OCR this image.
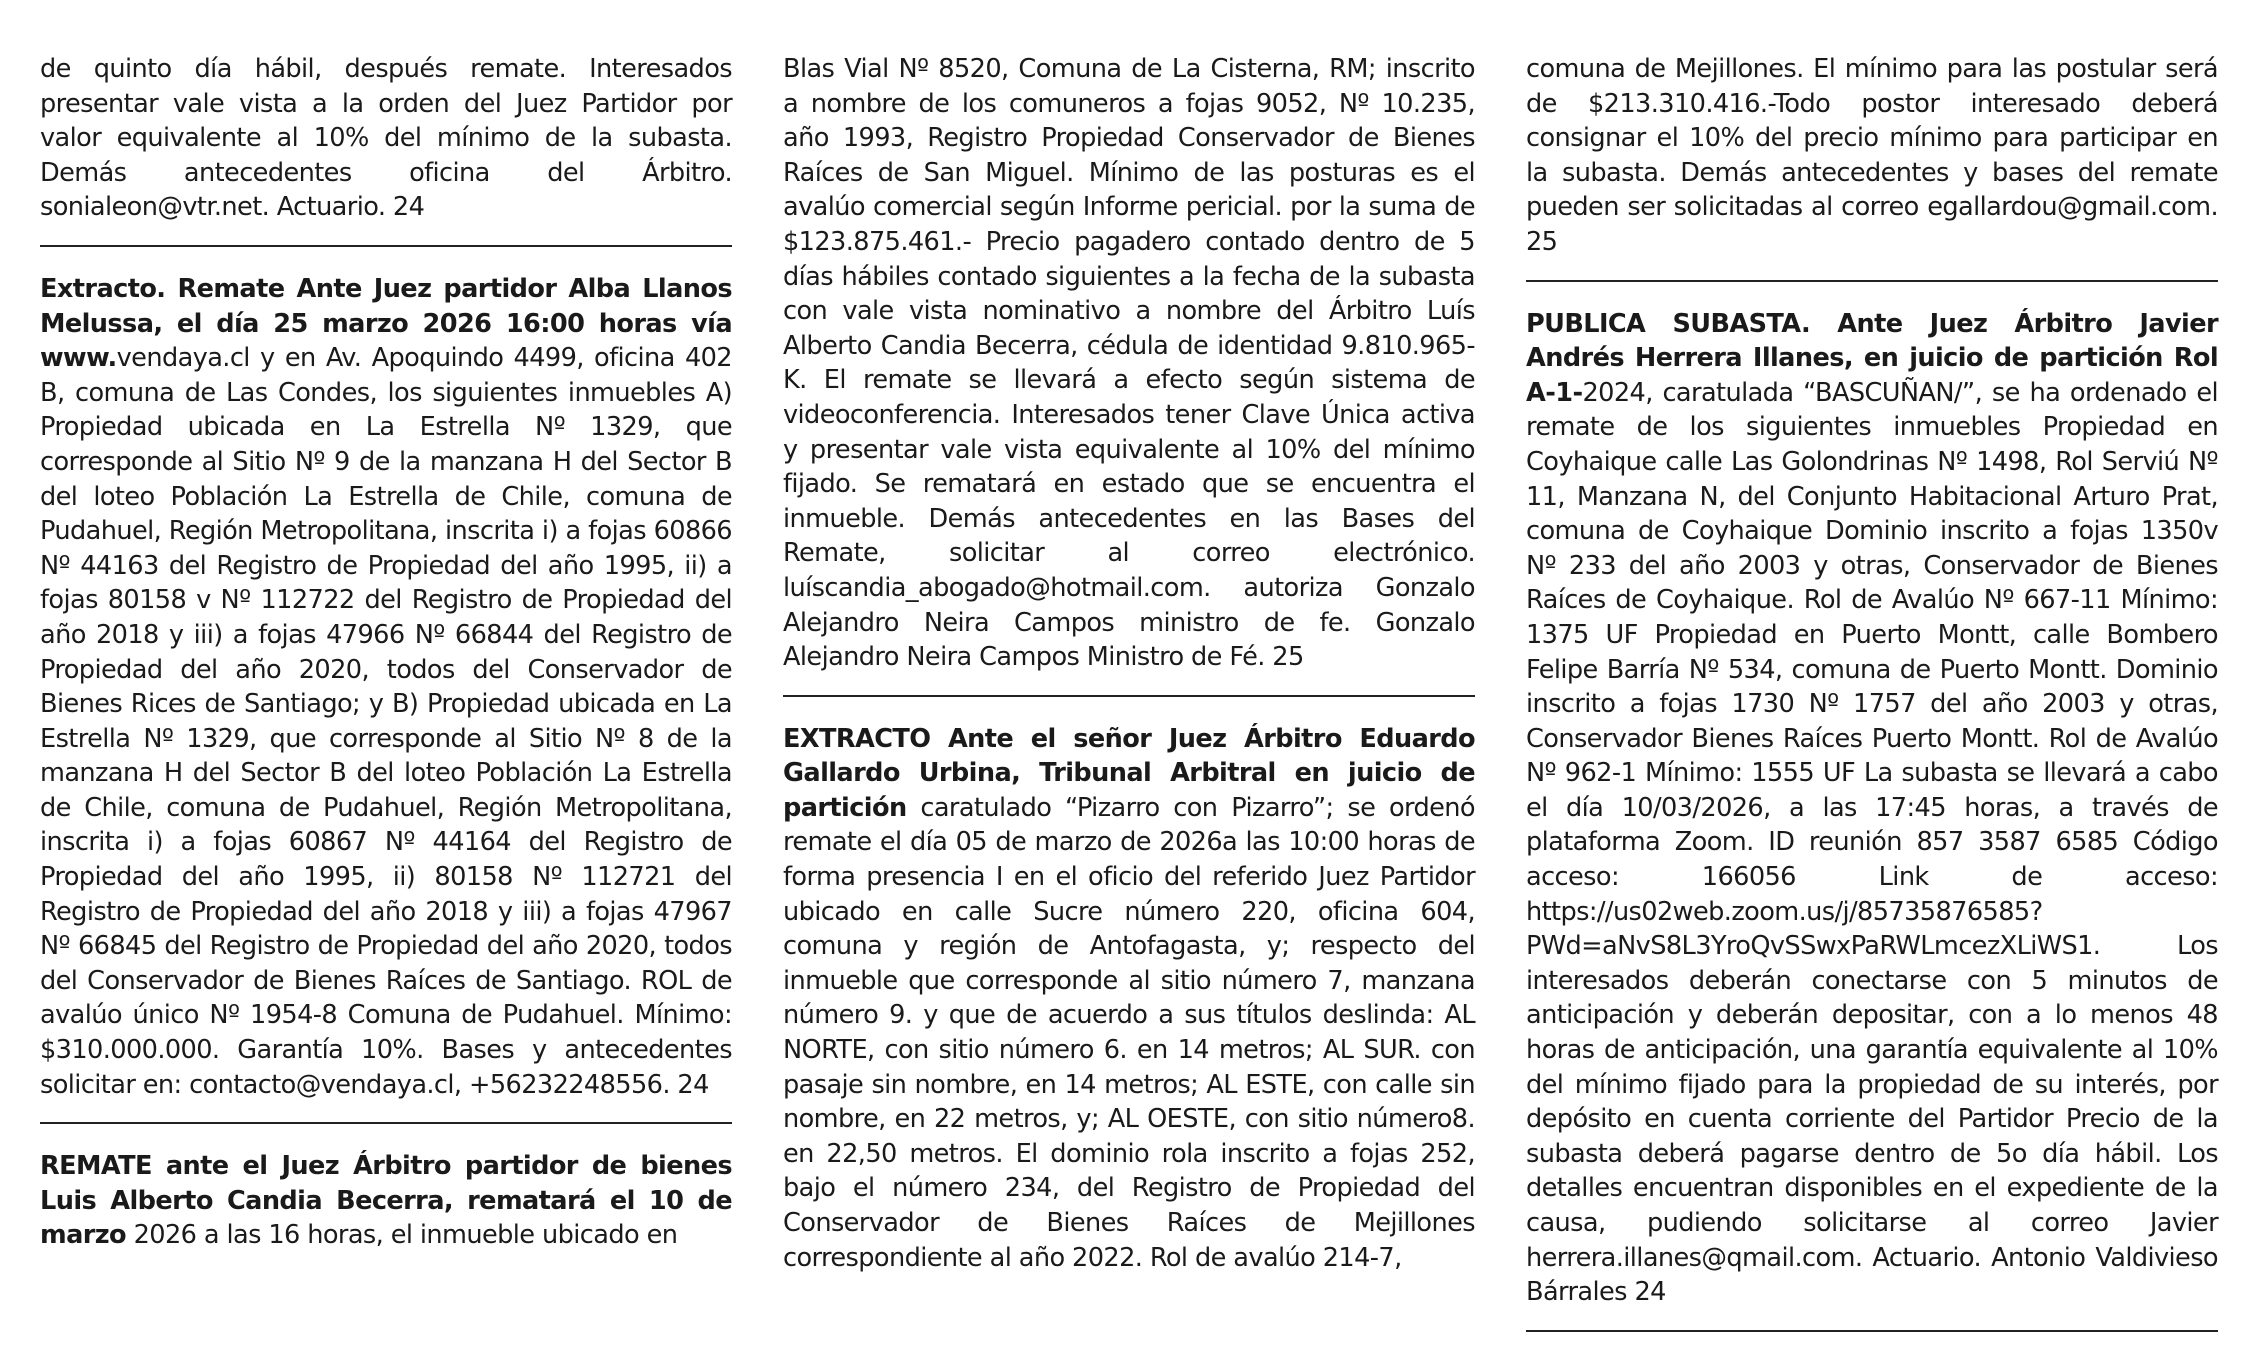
de quinto día hábil, después remate. Interesados presentar vale vista a la orden del Juez Partidor por valor equivalente al 10% del mínimo de la subasta. Demás antecedentes oficina del Árbitro. sonialeon@vtr.net. Actuario. 24

Extracto. Remate Ante Juez partidor Alba Llanos Melussa, el día 25 marzo 2026 16:00 horas vía www.vendaya.cl y en Av. Apoquindo 4499, oficina 402 B, comuna de Las Condes, los siguientes inmuebles A) Propiedad ubicada en La Estrella Nº 1329, que corresponde al Sitio Nº 9 de la manzana H del Sector B del loteo Población La Estrella de Chile, comuna de Pudahuel, Región Metropolitana, inscrita i) a fojas 60866 Nº 44163 del Registro de Propiedad del año 1995, ii) a fojas 80158 v Nº 112722 del Registro de Propiedad del año 2018 y iii) a fojas 47966 Nº 66844 del Registro de Propiedad del año 2020, todos del Conservador de Bienes Rices de Santiago; y B) Propiedad ubicada en La Estrella Nº 1329, que corresponde al Sitio Nº 8 de la manzana H del Sector B del loteo Población La Estrella de Chile, comuna de Pudahuel, Región Metropolitana, inscrita i) a fojas 60867 Nº 44164 del Registro de Propiedad del año 1995, ii) 80158 Nº 112721 del Registro de Propiedad del año 2018 y iii) a fojas 47967 Nº 66845 del Registro de Propiedad del año 2020, todos del Conservador de Bienes Raíces de Santiago. ROL de avalúo único Nº 1954-8 Comuna de Pudahuel. Mínimo: $310.000.000. Garantía 10%. Bases y antecedentes solicitar en: contacto@vendaya.cl, +56232248556. 24

REMATE ante el Juez Árbitro partidor de bienes Luis Alberto Candia Becerra, rematará el 10 de marzo 2026 a las 16 horas, el inmueble ubicado en

Blas Vial Nº 8520, Comuna de La Cisterna, RM; inscrito a nombre de los comuneros a fojas 9052, Nº 10.235, año 1993, Registro Propiedad Conservador de Bienes Raíces de San Miguel. Mínimo de las posturas es el avalúo comercial según Informe pericial. por la suma de $123.875.461.- Precio pagadero contado dentro de 5 días hábiles contado siguientes a la fecha de la subasta con vale vista nominativo a nombre del Árbitro Luís Alberto Candia Becerra, cédula de identidad 9.810.965-K. El remate se llevará a efecto según sistema de videoconferencia. Interesados tener Clave Única activa y presentar vale vista equivalente al 10% del mínimo fijado. Se rematará en estado que se encuentra el inmueble. Demás antecedentes en las Bases del Remate, solicitar al correo electrónico. luíscandia_abogado@hotmail.com. autoriza Gonzalo Alejandro Neira Campos ministro de fe. Gonzalo Alejandro Neira Campos Ministro de Fé. 25

EXTRACTO Ante el señor Juez Árbitro Eduardo Gallardo Urbina, Tribunal Arbitral en juicio de partición caratulado “Pizarro con Pizarro”; se ordenó remate el día 05 de marzo de 2026a las 10:00 horas de forma presencia I en el oficio del referido Juez Partidor ubicado en calle Sucre número 220, oficina 604, comuna y región de Antofagasta, y; respecto del inmueble que corresponde al sitio número 7, manzana número 9. y que de acuerdo a sus títulos deslinda: AL NORTE, con sitio número 6. en 14 metros; AL SUR. con pasaje sin nombre, en 14 metros; AL ESTE, con calle sin nombre, en 22 metros, y; AL OESTE, con sitio número8. en 22,50 metros. El dominio rola inscrito a fojas 252, bajo el número 234, del Registro de Propiedad del Conservador de Bienes Raíces de Mejillones correspondiente al año 2022. Rol de avalúo 214-7,

comuna de Mejillones. El mínimo para las postular será de $213.310.416.-Todo postor interesado deberá consignar el 10% del precio mínimo para participar en la subasta. Demás antecedentes y bases del remate pueden ser solicitadas al correo egallardou@gmail.com. 25

PUBLICA SUBASTA. Ante Juez Árbitro Javier Andrés Herrera Illanes, en juicio de partición Rol A-1-2024, caratulada “BASCUÑAN/”, se ha ordenado el remate de los siguientes inmuebles Propiedad en Coyhaique calle Las Golondrinas Nº 1498, Rol Serviú Nº 11, Manzana N, del Conjunto Habitacional Arturo Prat, comuna de Coyhaique Dominio inscrito a fojas 1350v Nº 233 del año 2003 y otras, Conservador de Bienes Raíces de Coyhaique. Rol de Avalúo Nº 667-11 Mínimo: 1375 UF Propiedad en Puerto Montt, calle Bombero Felipe Barría Nº 534, comuna de Puerto Montt. Dominio inscrito a fojas 1730 Nº 1757 del año 2003 y otras, Conservador Bienes Raíces Puerto Montt. Rol de Avalúo Nº 962-1 Mínimo: 1555 UF La subasta se llevará a cabo el día 10/03/2026, a las 17:45 horas, a través de plataforma Zoom. ID reunión 857 3587 6585 Código acceso: 166056 Link de acceso: https://us02web.zoom.us/j/85735876585?PWd=aNvS8L3YroQvSSwxPaRWLmcezXLiWS1. Los interesados deberán conectarse con 5 minutos de anticipación y deberán depositar, con a lo menos 48 horas de anticipación, una garantía equivalente al 10% del mínimo fijado para la propiedad de su interés, por depósito en cuenta corriente del Partidor Precio de la subasta deberá pagarse dentro de 5o día hábil. Los detalles encuentran disponibles en el expediente de la causa, pudiendo solicitarse al correo Javier herrera.illanes@qmail.com. Actuario. Antonio Valdivieso Bárrales 24
